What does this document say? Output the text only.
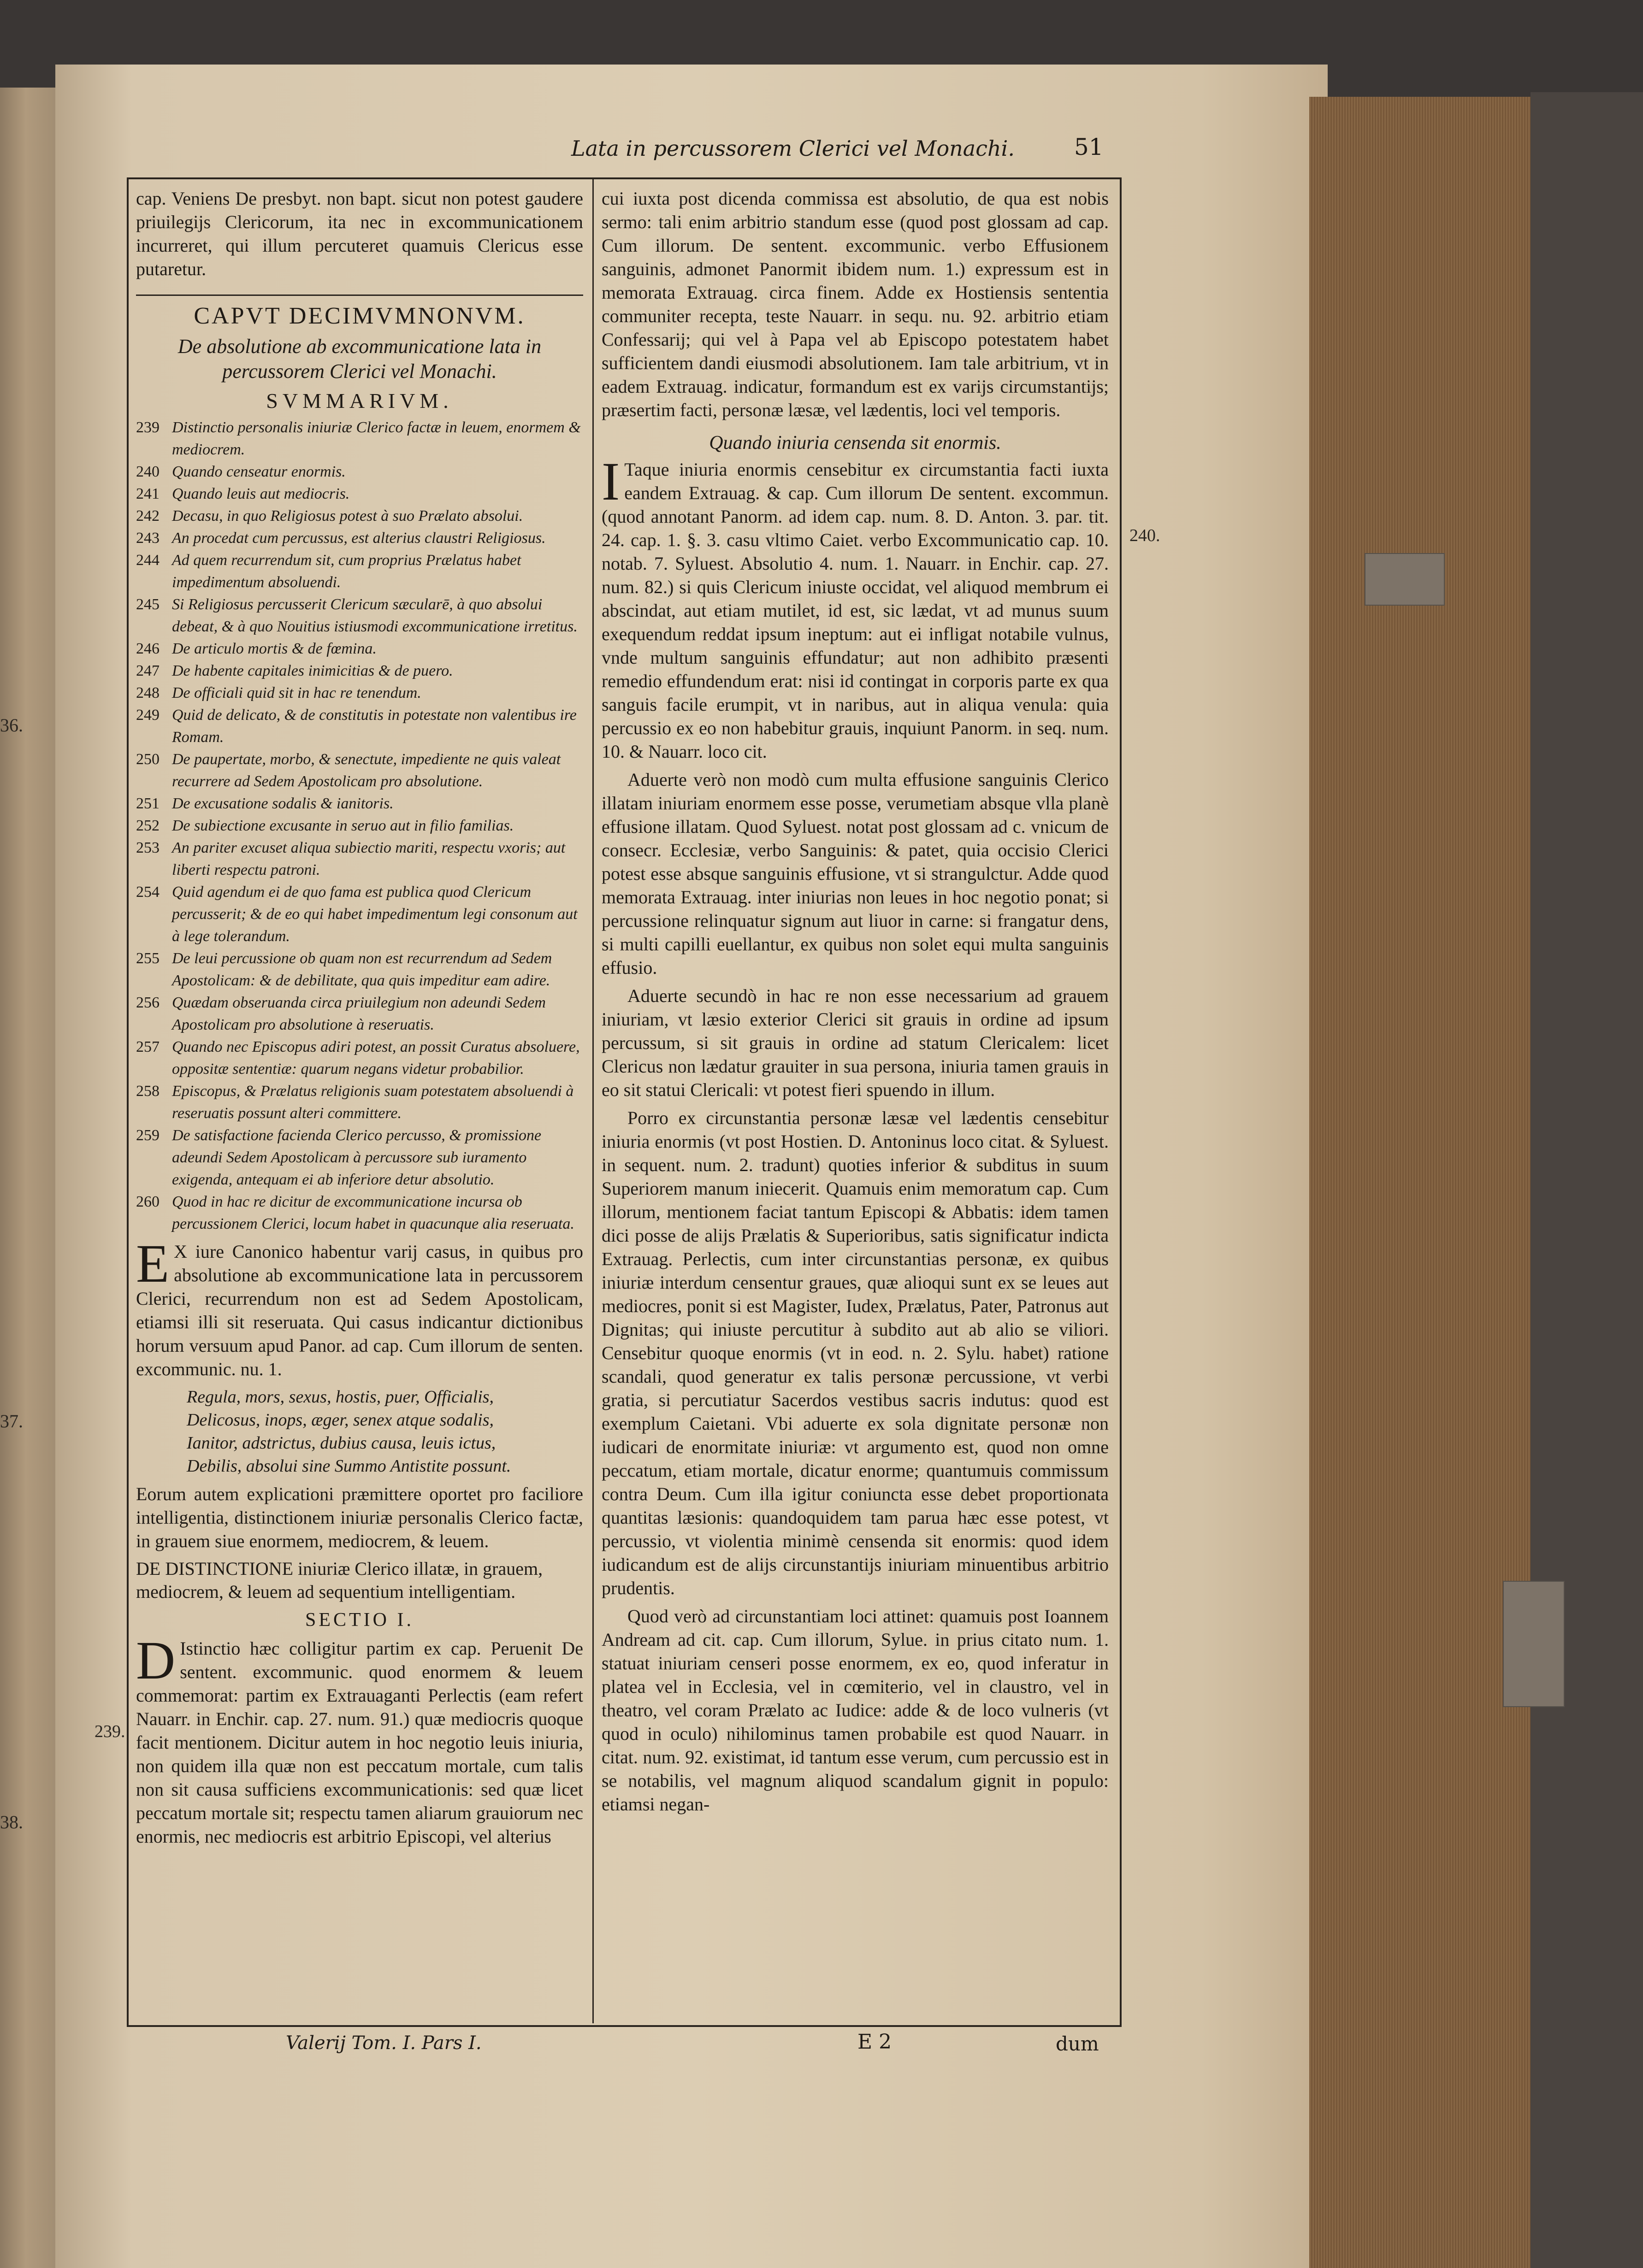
36.
37.
38.
Lata in percussorem Clerici vel Monachi.	51
240.
239.

cap. Veniens De presbyt. non bapt. sicut non potest gaudere priuilegijs Clericorum, ita nec in excommunicationem incurreret, qui illum percuteret quamuis Clericus esse putaretur.

CAPVT DECIMVMNONVM.
De absolutione ab excommunicatione lata in percussorem Clerici vel Monachi.
SVMMARIVM.
239 Distinctio personalis iniuriæ Clerico factæ in leuem, enormem & mediocrem.
240 Quando censeatur enormis.
241 Quando leuis aut mediocris.
242 Decasu, in quo Religiosus potest à suo Prælato absolui.
243 An procedat cum percussus, est alterius claustri Religiosus.
244 Ad quem recurrendum sit, cum proprius Prælatus habet impedimentum absoluendi.
245 Si Religiosus percusserit Clericum sæcularē, à quo absolui debeat, & à quo Nouitius istiusmodi excommunicatione irretitus.
246 De articulo mortis & de fœmina.
247 De habente capitales inimicitias & de puero.
248 De officiali quid sit in hac re tenendum.
249 Quid de delicato, & de constitutis in potestate non valentibus ire Romam.
250 De paupertate, morbo, & senectute, impediente ne quis valeat recurrere ad Sedem Apostolicam pro absolutione.
251 De excusatione sodalis & ianitoris.
252 De subiectione excusante in seruo aut in filio familias.
253 An pariter excuset aliqua subiectio mariti, respectu vxoris; aut liberti respectu patroni.
254 Quid agendum ei de quo fama est publica quod Clericum percusserit; & de eo qui habet impedimentum legi consonum aut à lege tolerandum.
255 De leui percussione ob quam non est recurrendum ad Sedem Apostolicam: & de debilitate, qua quis impeditur eam adire.
256 Quædam obseruanda circa priuilegium non adeundi Sedem Apostolicam pro absolutione à reseruatis.
257 Quando nec Episcopus adiri potest, an possit Curatus absoluere, oppositæ sententiæ: quarum negans videtur probabilior.
258 Episcopus, & Prælatus religionis suam potestatem absoluendi à reseruatis possunt alteri committere.
259 De satisfactione facienda Clerico percusso, & promissione adeundi Sedem Apostolicam à percussore sub iuramento exigenda, antequam ei ab inferiore detur absolutio.
260 Quod in hac re dicitur de excommunicatione incursa ob percussionem Clerici, locum habet in quacunque alia reseruata.

E X iure Canonico habentur varij casus, in quibus pro absolutione ab excommunicatione lata in percussorem Clerici, recurrendum non est ad Sedem Apostolicam, etiamsi illi sit reseruata. Qui casus indicantur dictionibus horum versuum apud Panor. ad cap. Cum illorum de senten. excommunic. nu. 1.

Regula, mors, sexus, hostis, puer, Officialis,
Delicosus, inops, æger, senex atque sodalis,
Ianitor, adstrictus, dubius causa, leuis ictus,
Debilis, absolui sine Summo Antistite possunt.

Eorum autem explicationi præmittere oportet pro faciliore intelligentia, distinctionem iniuriæ personalis Clerico factæ, in grauem siue enormem, mediocrem, & leuem.

DE DISTINCTIONE iniuriæ Clerico illatæ, in grauem, mediocrem, & leuem ad sequentium intelligentiam.
SECTIO I.

D Istinctio hæc colligitur partim ex cap. Peruenit De sentent. excommunic. quod enormem & leuem commemorat: partim ex Extrauaganti Perlectis (eam refert Nauarr. in Enchir. cap. 27. num. 91.) quæ mediocris quoque facit mentionem. Dicitur autem in hoc negotio leuis iniuria, non quidem illa quæ non est peccatum mortale, cum talis non sit causa sufficiens excommunicationis: sed quæ licet peccatum mortale sit; respectu tamen aliarum grauiorum nec enormis, nec mediocris est arbitrio Episcopi, vel alterius

cui iuxta post dicenda commissa est absolutio, de qua est nobis sermo: tali enim arbitrio standum esse (quod post glossam ad cap. Cum illorum. De sentent. excommunic. verbo Effusionem sanguinis, admonet Panormit ibidem num. 1.) expressum est in memorata Extrauag. circa finem. Adde ex Hostiensis sententia communiter recepta, teste Nauarr. in sequ. nu. 92. arbitrio etiam Confessarij; qui vel à Papa vel ab Episcopo potestatem habet sufficientem dandi eiusmodi absolutionem. Iam tale arbitrium, vt in eadem Extrauag. indicatur, formandum est ex varijs circumstantijs; præsertim facti, personæ læsæ, vel lædentis, loci vel temporis.

Quando iniuria censenda sit enormis.

I Taque iniuria enormis censebitur ex circumstantia facti iuxta eandem Extrauag. & cap. Cum illorum De sentent. excommun. (quod annotant Panorm. ad idem cap. num. 8. D. Anton. 3. par. tit. 24. cap. 1. §. 3. casu vltimo Caiet. verbo Excommunicatio cap. 10. notab. 7. Syluest. Absolutio 4. num. 1. Nauarr. in Enchir. cap. 27. num. 82.) si quis Clericum iniuste occidat, vel aliquod membrum ei abscindat, aut etiam mutilet, id est, sic lædat, vt ad munus suum exequendum reddat ipsum ineptum: aut ei infligat notabile vulnus, vnde multum sanguinis effundatur; aut non adhibito præsenti remedio effundendum erat: nisi id contingat in corporis parte ex qua sanguis facile erumpit, vt in naribus, aut in aliqua venula: quia percussio ex eo non habebitur grauis, inquiunt Panorm. in seq. num. 10. & Nauarr. loco cit.

Aduerte verò non modò cum multa effusione sanguinis Clerico illatam iniuriam enormem esse posse, verumetiam absque vlla planè effusione illatam. Quod Syluest. notat post glossam ad c. vnicum de consecr. Ecclesiæ, verbo Sanguinis: & patet, quia occisio Clerici potest esse absque sanguinis effusione, vt si strangulctur. Adde quod memorata Extrauag. inter iniurias non leues in hoc negotio ponat; si percussione relinquatur signum aut liuor in carne: si frangatur dens, si multi capilli euellantur, ex quibus non solet equi multa sanguinis effusio.

Aduerte secundò in hac re non esse necessarium ad grauem iniuriam, vt læsio exterior Clerici sit grauis in ordine ad ipsum percussum, si sit grauis in ordine ad statum Clericalem: licet Clericus non lædatur grauiter in sua persona, iniuria tamen grauis in eo sit statui Clericali: vt potest fieri spuendo in illum.

Porro ex circunstantia personæ læsæ vel lædentis censebitur iniuria enormis (vt post Hostien. D. Antoninus loco citat. & Syluest. in sequent. num. 2. tradunt) quoties inferior & subditus in suum Superiorem manum iniecerit. Quamuis enim memoratum cap. Cum illorum, mentionem faciat tantum Episcopi & Abbatis: idem tamen dici posse de alijs Prælatis & Superioribus, satis significatur indicta Extrauag. Perlectis, cum inter circunstantias personæ, ex quibus iniuriæ interdum censentur graues, quæ alioqui sunt ex se leues aut mediocres, ponit si est Magister, Iudex, Prælatus, Pater, Patronus aut Dignitas; qui iniuste percutitur à subdito aut ab alio se viliori. Censebitur quoque enormis (vt in eod. n. 2. Sylu. habet) ratione scandali, quod generatur ex talis personæ percussione, vt verbi gratia, si percutiatur Sacerdos vestibus sacris indutus: quod est exemplum Caietani. Vbi aduerte ex sola dignitate personæ non iudicari de enormitate iniuriæ: vt argumento est, quod non omne peccatum, etiam mortale, dicatur enorme; quantumuis commissum contra Deum. Cum illa igitur coniuncta esse debet proportionata quantitas læsionis: quandoquidem tam parua hæc esse potest, vt percussio, vt violentia minimè censenda sit enormis: quod idem iudicandum est de alijs circunstantijs iniuriam minuentibus arbitrio prudentis.

Quod verò ad circunstantiam loci attinet: quamuis post Ioannem Andream ad cit. cap. Cum illorum, Sylue. in prius citato num. 1. statuat iniuriam censeri posse enormem, ex eo, quod inferatur in platea vel in Ecclesia, vel in cœmiterio, vel in claustro, vel in theatro, vel coram Prælato ac Iudice: adde & de loco vulneris (vt quod in oculo) nihilominus tamen probabile est quod Nauarr. in citat. num. 92. existimat, id tantum esse verum, cum percussio est in se notabilis, vel magnum aliquod scandalum gignit in populo: etiamsi negan-

Valerij Tom. I. Pars I.	E 2	dum
